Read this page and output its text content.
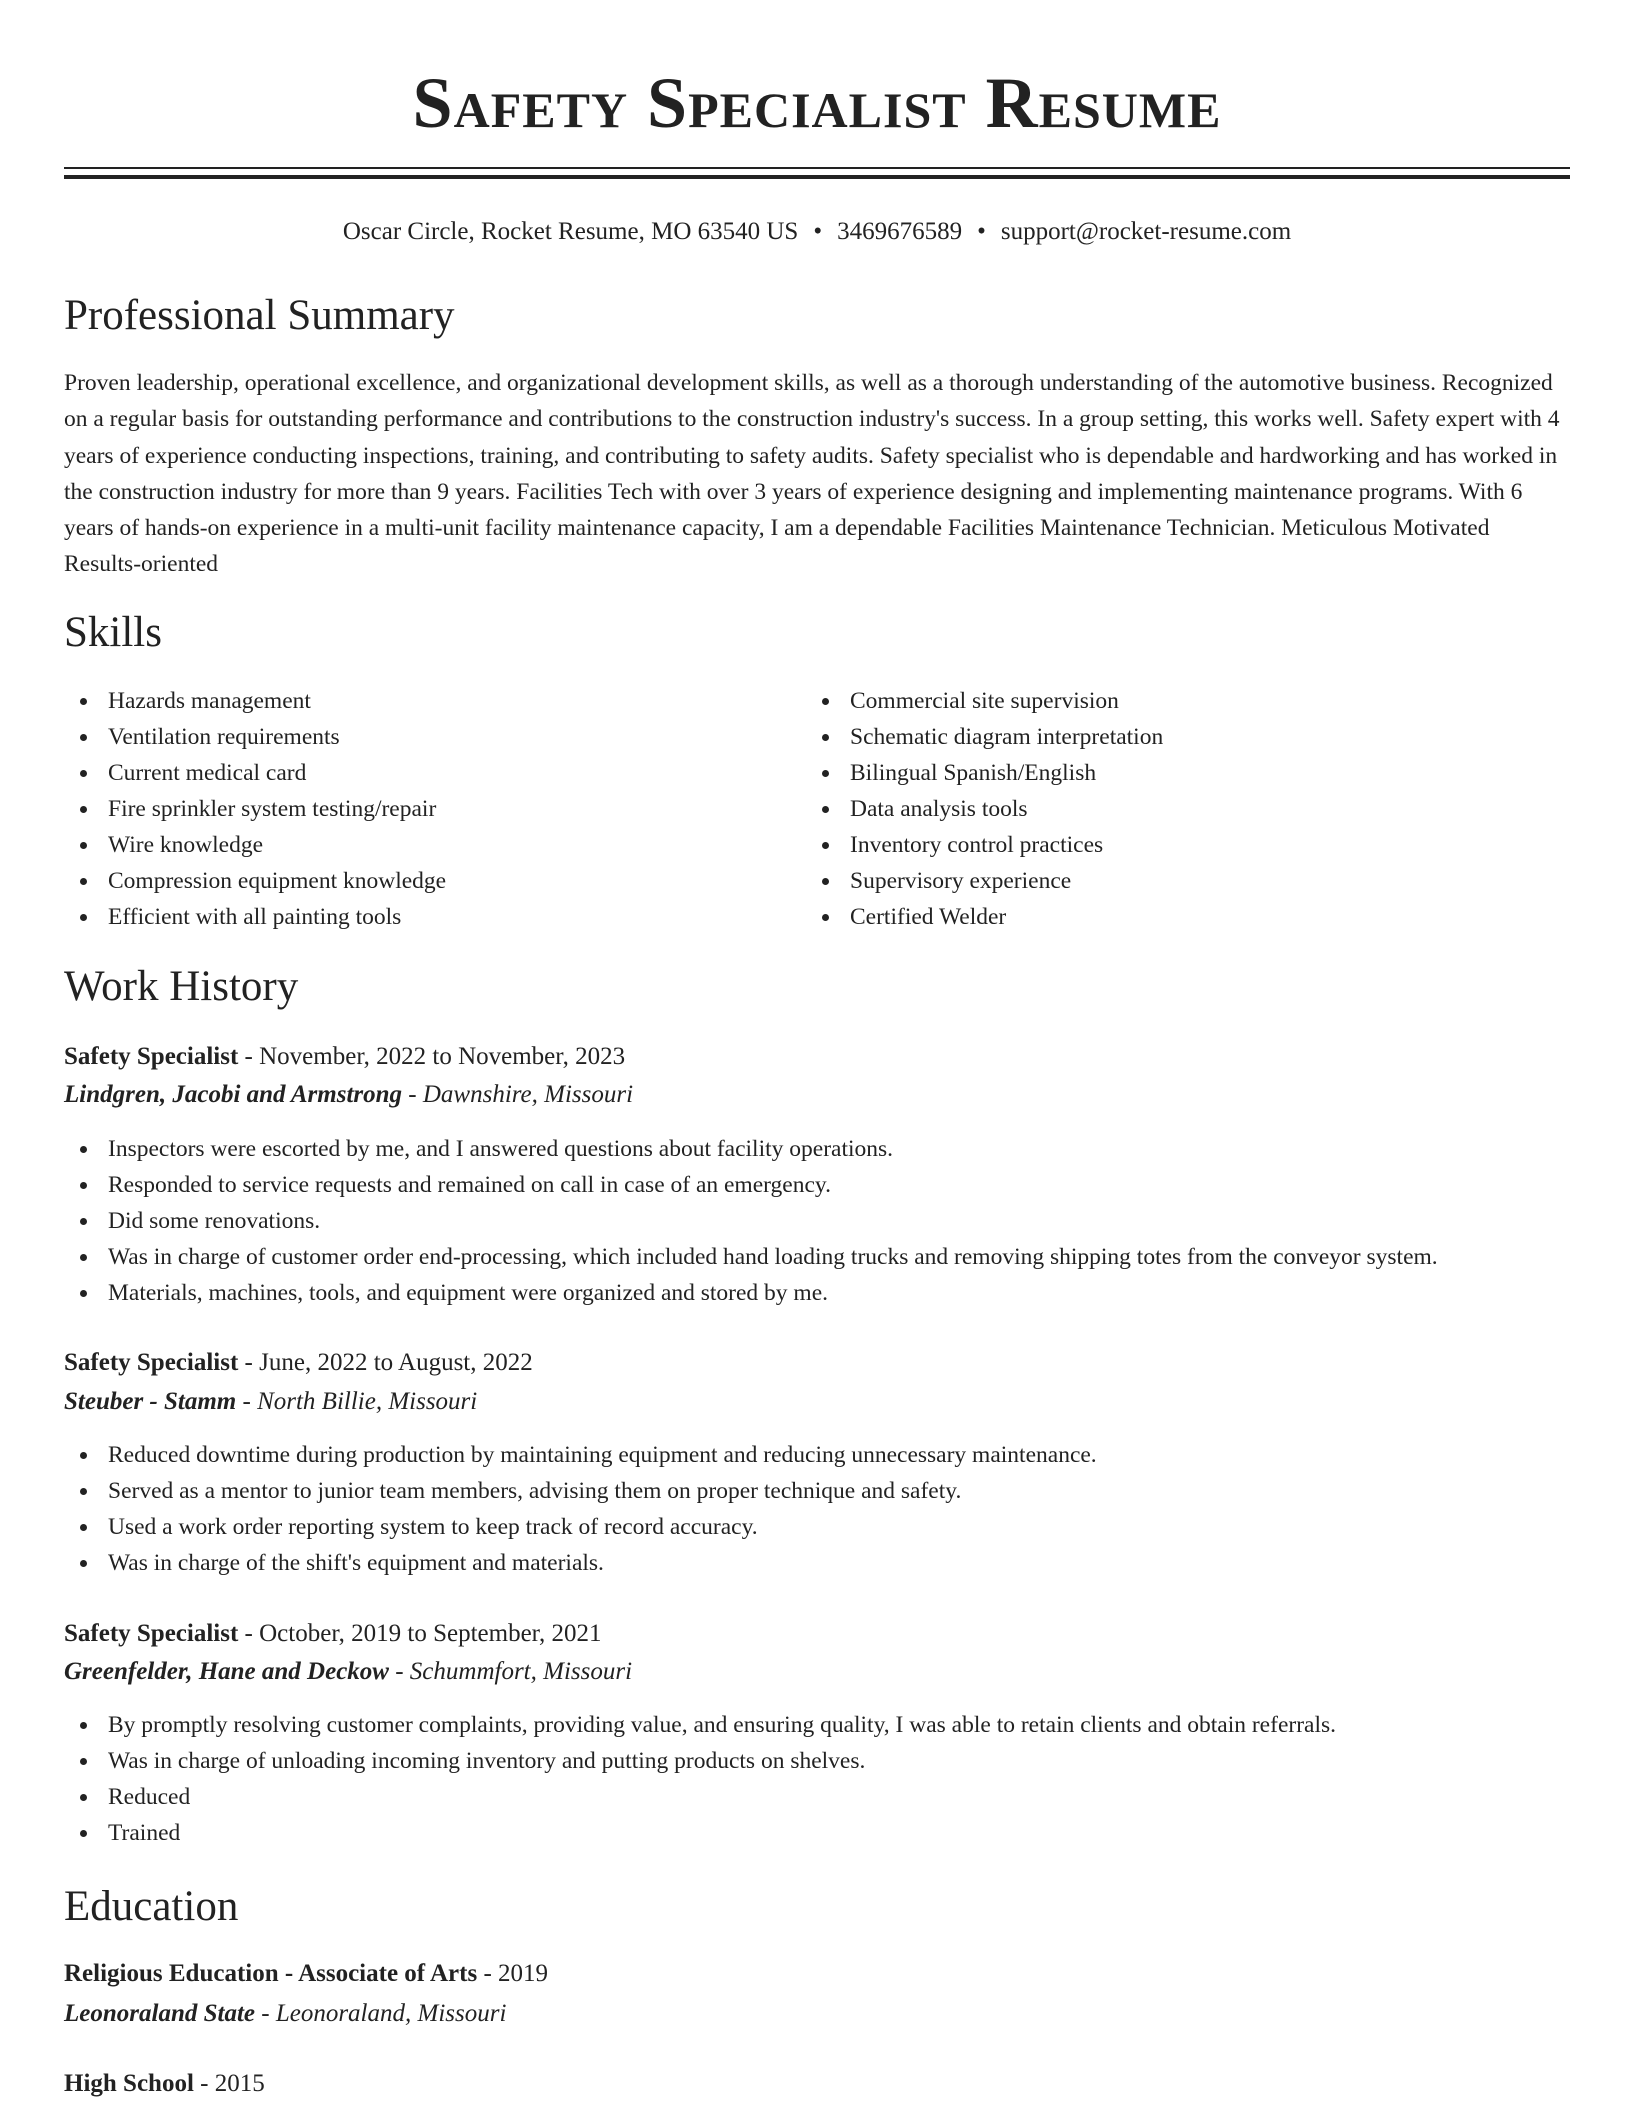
Safety Specialist Resume
Oscar Circle, Rocket Resume, MO 63540 US • 3469676589 • support@rocket-resume.com
Professional Summary

Proven leadership, operational excellence, and organizational development skills, as well as a thorough understanding of the automotive business. Recognized on a regular basis for outstanding performance and contributions to the construction industry's success. In a group setting, this works well. Safety expert with 4 years of experience conducting inspections, training, and contributing to safety audits. Safety specialist who is dependable and hardworking and has worked in the construction industry for more than 9 years. Facilities Tech with over 3 years of experience designing and implementing maintenance programs. With 6 years of hands-on experience in a multi-unit facility maintenance capacity, I am a dependable Facilities Maintenance Technician. Meticulous Motivated Results-oriented

Skills
Hazards management
Ventilation requirements
Current medical card
Fire sprinkler system testing/repair
Wire knowledge
Compression equipment knowledge
Efficient with all painting tools
Commercial site supervision
Schematic diagram interpretation
Bilingual Spanish/English
Data analysis tools
Inventory control practices
Supervisory experience
Certified Welder
Work History
Safety Specialist - November, 2022 to November, 2023
Lindgren, Jacobi and Armstrong - Dawnshire, Missouri
Inspectors were escorted by me, and I answered questions about facility operations.
Responded to service requests and remained on call in case of an emergency.
Did some renovations.
Was in charge of customer order end-processing, which included hand loading trucks and removing shipping totes from the conveyor system.
Materials, machines, tools, and equipment were organized and stored by me.
Safety Specialist - June, 2022 to August, 2022
Steuber - Stamm - North Billie, Missouri
Reduced downtime during production by maintaining equipment and reducing unnecessary maintenance.
Served as a mentor to junior team members, advising them on proper technique and safety.
Used a work order reporting system to keep track of record accuracy.
Was in charge of the shift's equipment and materials.
Safety Specialist - October, 2019 to September, 2021
Greenfelder, Hane and Deckow - Schummfort, Missouri
By promptly resolving customer complaints, providing value, and ensuring quality, I was able to retain clients and obtain referrals.
Was in charge of unloading incoming inventory and putting products on shelves.
Reduced
Trained
Education
Religious Education - Associate of Arts - 2019
Leonoraland State - Leonoraland, Missouri
High School - 2015
